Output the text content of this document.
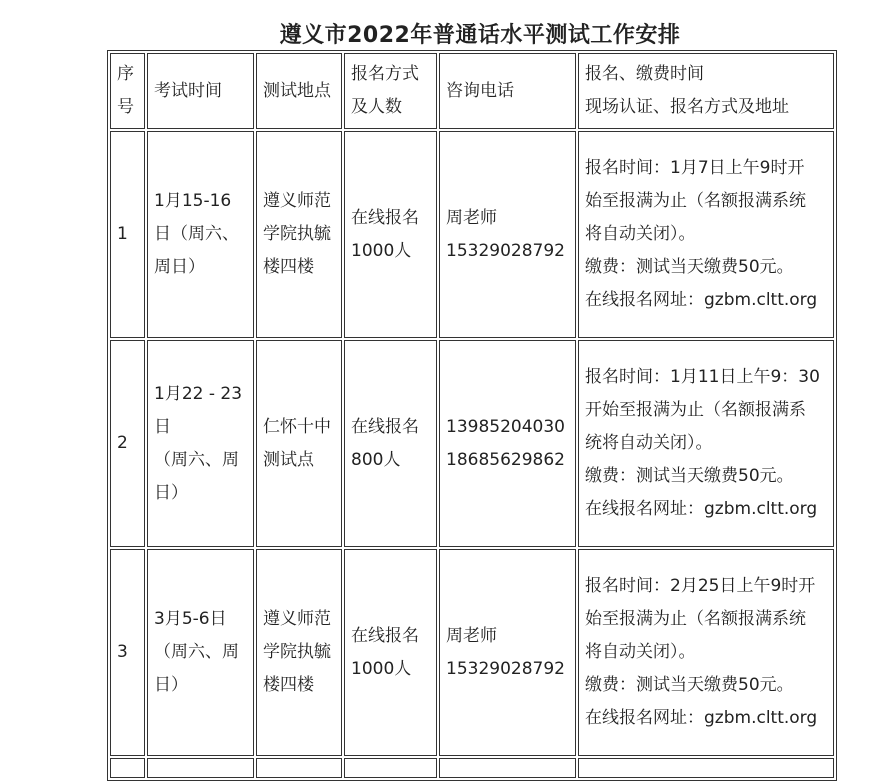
遵义市2022年普通话水平测试工作安排
序
号	考试时间	测试地点	报名方式
及人数	咨询电话	报名、缴费时间
现场认证、报名方式及地址

1	1月15-16
日（周六、
周日）	遵义师范
学院执毓
楼四楼	在线报名
1000人	周老师
15329028792	报名时间：1月7日上午9时开
始至报满为止（名额报满系统
将自动关闭）。
缴费：测试当天缴费50元。
在线报名网址：gzbm.cltt.org

2	1月22 - 23
日
（周六、周
日）	仁怀十中
测试点	在线报名
800人	13985204030
18685629862	报名时间：1月11日上午9：30
开始至报满为止（名额报满系
统将自动关闭）。
缴费：测试当天缴费50元。
在线报名网址：gzbm.cltt.org

3	3月5-6日
（周六、周
日）	遵义师范
学院执毓
楼四楼	在线报名
1000人	周老师
15329028792	报名时间：2月25日上午9时开
始至报满为止（名额报满系统
将自动关闭）。
缴费：测试当天缴费50元。
在线报名网址：gzbm.cltt.org
